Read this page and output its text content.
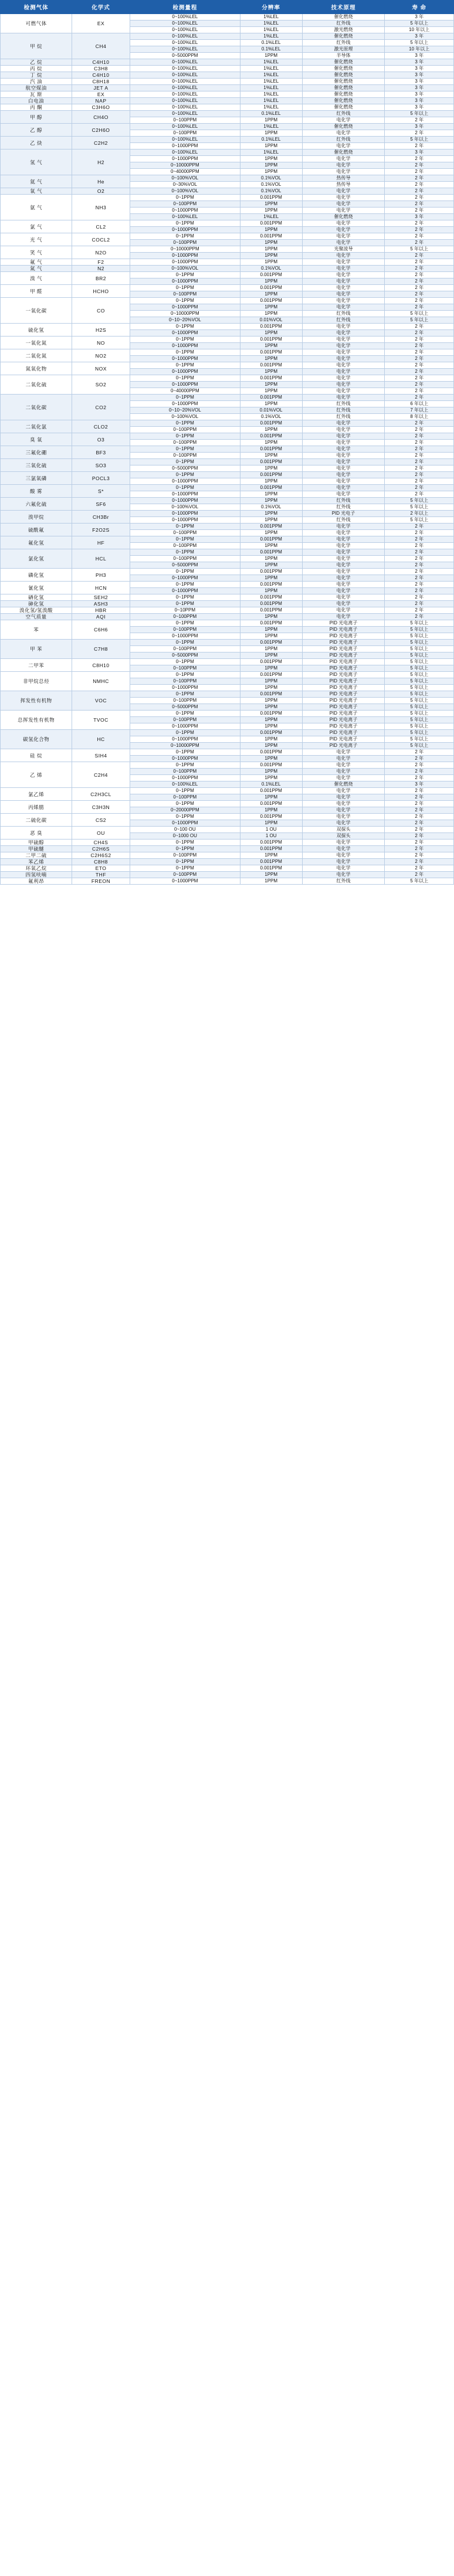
检测气体	化学式	检测量程	分辨率	技术原理	寿 命
可燃气体	EX	0~100%LEL	1%LEL	催化燃烧	3 年
		0~100%LEL	1%LEL	红外线	5 年以上
		0~100%LEL	1%LEL	激光燃烧	10 年以上
甲 烷	CH4	0~100%LEL	1%LEL	催化燃烧	3 年
		0~100%LEL	0.1%LEL	红外线	5 年以上
		0~100%LEL	0.1%LEL	激光原理	10 年以上
		0~5000PPM	1PPM	半导体	3 年
乙 烷	C4H10	0~100%LEL	1%LEL	催化燃烧	3 年
丙 烷	C3H8	0~100%LEL	1%LEL	催化燃烧	3 年
丁 烷	C4H10	0~100%LEL	1%LEL	催化燃烧	3 年
汽 油	C8H18	0~100%LEL	1%LEL	催化燃烧	3 年
航空煤油	JET A	0~100%LEL	1%LEL	催化燃烧	3 年
瓦 斯	EX	0~100%LEL	1%LEL	催化燃烧	3 年
白电油	NAP	0~100%LEL	1%LEL	催化燃烧	3 年
丙 酮	C3H6O	0~100%LEL	1%LEL	催化燃烧	3 年
甲 醇	CH4O	0~100%LEL	0.1%LEL	红外线	5 年以上
		0~100PPM	1PPM	电化学	2 年
乙 醇	C2H6O	0~100%LEL	1%LEL	催化燃烧	3 年
		0~100PPM	1PPM	电化学	2 年
乙 炔	C2H2	0~100%LEL	0.1%LEL	红外线	5 年以上
		0~1000PPM	1PPM	电化学	2 年
氢 气	H2	0~100%LEL	1%LEL	催化燃烧	3 年
		0~1000PPM	1PPM	电化学	2 年
		0~10000PPM	1PPM	电化学	2 年
		0~40000PPM	1PPM	电化学	2 年
氦 气	He	0~100%VOL	0.1%VOL	热传导	2 年
		0~30%VOL	0.1%VOL	热传导	2 年
氧 气	O2	0~100%VOL	0.1%VOL	电化学	2 年
氨 气	NH3	0~1PPM	0.001PPM	电化学	2 年
		0~100PPM	1PPM	电化学	2 年
		0~1000PPM	1PPM	电化学	2 年
		0~100%LEL	1%LEL	催化燃烧	3 年
氯 气	CL2	0~1PPM	0.001PPM	电化学	2 年
		0~1000PPM	1PPM	电化学	2 年
光 气	COCL2	0~1PPM	0.001PPM	电化学	2 年
		0~100PPM	1PPM	电化学	2 年
笑 气	N2O	0~10000PPM	1PPM	光聚波导	5 年以上
		0~1000PPM	1PPM	电化学	2 年
氟 气	F2	0~1000PPM	1PPM	电化学	2 年
氮 气	N2	0~100%VOL	0.1%VOL	电化学	2 年
溴 气	BR2	0~1PPM	0.001PPM	电化学	2 年
		0~1000PPM	1PPM	电化学	2 年
甲 醛	HCHO	0~1PPM	0.001PPM	电化学	2 年
		0~100PPM	1PPM	电化学	2 年
一氧化碳	CO	0~1PPM	0.001PPM	电化学	2 年
		0~1000PPM	1PPM	电化学	2 年
		0~10000PPM	1PPM	红外线	5 年以上
		0~10~20%VOL	0.01%VOL	红外线	5 年以上
硫化氢	H2S	0~1PPM	0.001PPM	电化学	2 年
		0~1000PPM	1PPM	电化学	2 年
一氧化氮	NO	0~1PPM	0.001PPM	电化学	2 年
		0~1000PPM	1PPM	电化学	2 年
二氧化氮	NO2	0~1PPM	0.001PPM	电化学	2 年
		0~1000PPM	1PPM	电化学	2 年
氮氧化物	NOX	0~1PPM	0.001PPM	电化学	2 年
		0~1000PPM	1PPM	电化学	2 年
二氧化硫	SO2	0~1PPM	0.001PPM	电化学	2 年
		0~1000PPM	1PPM	电化学	2 年
		0~40000PPM	1PPM	电化学	2 年
二氧化碳	CO2	0~1PPM	0.001PPM	电化学	2 年
		0~1000PPM	1PPM	红外线	6 年以上
		0~10~20%VOL	0.01%VOL	红外线	7 年以上
		0~100%VOL	0.1%VOL	红外线	8 年以上
二氧化氯	CLO2	0~1PPM	0.001PPM	电化学	2 年
		0~100PPM	1PPM	电化学	2 年
臭 氧	O3	0~1PPM	0.001PPM	电化学	2 年
		0~100PPM	1PPM	电化学	2 年
三氟化硼	BF3	0~1PPM	0.001PPM	电化学	2 年
		0~100PPM	1PPM	电化学	2 年
三氧化硫	SO3	0~1PPM	0.001PPM	电化学	2 年
		0~5000PPM	1PPM	电化学	2 年
三氯氧磷	POCL3	0~1PPM	0.001PPM	电化学	2 年
		0~1000PPM	1PPM	电化学	2 年
酸 雾	S*	0~1PPM	0.001PPM	电化学	2 年
		0~1000PPM	1PPM	电化学	2 年
六氟化硫	SF6	0~1000PPM	1PPM	红外线	5 年以上
		0~100%VOL	0.1%VOL	红外线	5 年以上
溴甲烷	CH3Br	0~1000PPM	1PPM	PID 光电子	2 年以上
		0~1000PPM	1PPM	红外线	5 年以上
硫酰氟	F2O2S	0~1PPM	0.001PPM	电化学	2 年
		0~100PPM	1PPM	电化学	2 年
氟化氢	HF	0~1PPM	0.001PPM	电化学	2 年
		0~100PPM	1PPM	电化学	2 年
氯化氢	HCL	0~1PPM	0.001PPM	电化学	2 年
		0~100PPM	1PPM	电化学	2 年
		0~5000PPM	1PPM	电化学	2 年
磷化氢	PH3	0~1PPM	0.001PPM	电化学	2 年
		0~1000PPM	1PPM	电化学	2 年
氰化氢	HCN	0~1PPM	0.001PPM	电化学	2 年
		0~1000PPM	1PPM	电化学	2 年
硒化氢	SEH2	0~1PPM	0.001PPM	电化学	2 年
砷化氢	ASH3	0~1PPM	0.001PPM	电化学	2 年
溴化氢/氢溴酸	HBR	0~10PPM	0.001PPM	电化学	2 年
空气质量	AQI	0~100PPM	1PPM	电化学	2 年
苯	C6H6	0~1PPM	0.001PPM	PID 光电离子	5 年以上
		0~100PPM	1PPM	PID 光电离子	5 年以上
		0~1000PPM	1PPM	PID 光电离子	5 年以上
甲 苯	C7H8	0~1PPM	0.001PPM	PID 光电离子	5 年以上
		0~100PPM	1PPM	PID 光电离子	5 年以上
		0~5000PPM	1PPM	PID 光电离子	5 年以上
二甲苯	C8H10	0~1PPM	0.001PPM	PID 光电离子	5 年以上
		0~100PPM	1PPM	PID 光电离子	5 年以上
非甲烷总烃	NMHC	0~1PPM	0.001PPM	PID 光电离子	5 年以上
		0~100PPM	1PPM	PID 光电离子	5 年以上
		0~1000PPM	1PPM	PID 光电离子	5 年以上
挥发性有机物	VOC	0~1PPM	0.001PPM	PID 光电离子	5 年以上
		0~100PPM	1PPM	PID 光电离子	5 年以上
		0~5000PPM	1PPM	PID 光电离子	5 年以上
总挥发性有机物	TVOC	0~1PPM	0.001PPM	PID 光电离子	5 年以上
		0~100PPM	1PPM	PID 光电离子	5 年以上
		0~1000PPM	1PPM	PID 光电离子	5 年以上
碳氢化合物	HC	0~1PPM	0.001PPM	PID 光电离子	5 年以上
		0~1000PPM	1PPM	PID 光电离子	5 年以上
		0~10000PPM	1PPM	PID 光电离子	5 年以上
硅 烷	SIH4	0~1PPM	0.001PPM	电化学	2 年
		0~1000PPM	1PPM	电化学	2 年
乙 烯	C2H4	0~1PPM	0.001PPM	电化学	2 年
		0~100PPM	1PPM	电化学	2 年
		0~1000PPM	1PPM	电化学	2 年
		0~100%LEL	0.1%LEL	催化燃烧	3 年
氯乙烯	C2H3CL	0~1PPM	0.001PPM	电化学	2 年
		0~100PPM	1PPM	电化学	2 年
丙烯腈	C3H3N	0~1PPM	0.001PPM	电化学	2 年
		0~20000PPM	1PPM	电化学	2 年
二硫化碳	CS2	0~1PPM	0.001PPM	电化学	2 年
		0~1000PPM	1PPM	电化学	2 年
恶 臭	OU	0~100 OU	1 OU	双探头	2 年
		0~1000 OU	1 OU	双探头	2 年
甲硫醇	CH4S	0~1PPM	0.001PPM	电化学	2 年
甲硫醚	C2H6S	0~1PPM	0.001PPM	电化学	2 年
二甲二硫	C2H6S2	0~100PPM	1PPM	电化学	2 年
苯乙烯	C8H8	0~1PPM	0.001PPM	电化学	2 年
环氧乙烷	ETO	0~1PPM	0.001PPM	电化学	2 年
四氢呋喃	THF	0~100PPM	1PPM	电化学	2 年
氟利昂	FREON	0~1000PPM	1PPM	红外线	5 年以上
